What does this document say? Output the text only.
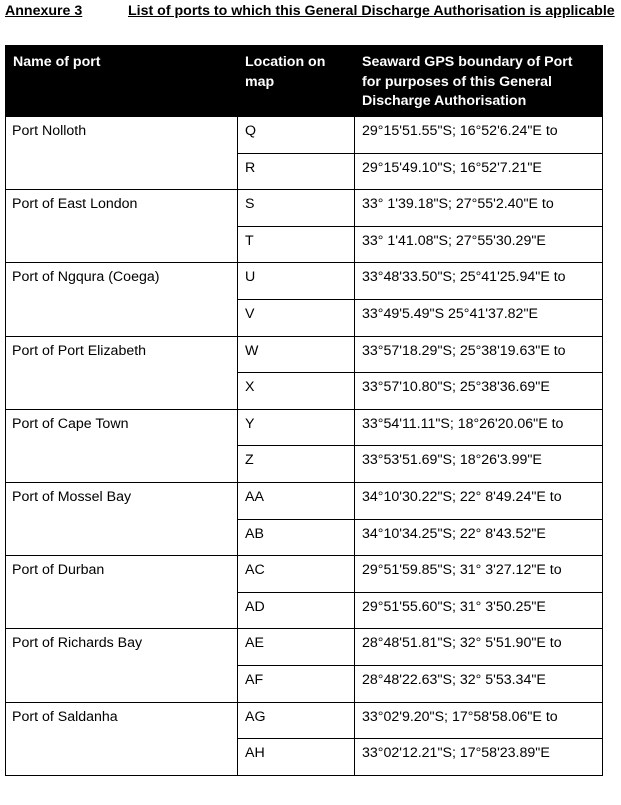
Annexure 3	List of ports to which this General Discharge Authorisation is applicable
Name of port	Location on map	Seaward GPS boundary of Port for purposes of this General Discharge Authorisation
Port Nolloth	Q	29°15'51.55"S; 16°52'6.24"E to
	R	29°15'49.10"S; 16°52'7.21"E
Port of East London	S	33° 1'39.18"S; 27°55'2.40"E to
	T	33° 1'41.08"S; 27°55'30.29"E
Port of Ngqura (Coega)	U	33°48'33.50"S; 25°41'25.94"E to
	V	33°49'5.49"S 25°41'37.82"E
Port of Port Elizabeth	W	33°57'18.29"S; 25°38'19.63"E to
	X	33°57'10.80"S; 25°38'36.69"E
Port of Cape Town	Y	33°54'11.11"S; 18°26'20.06"E to
	Z	33°53'51.69"S; 18°26'3.99"E
Port of Mossel Bay	AA	34°10'30.22"S; 22° 8'49.24"E to
	AB	34°10'34.25"S; 22° 8'43.52"E
Port of Durban	AC	29°51'59.85"S; 31° 3'27.12"E to
	AD	29°51'55.60"S; 31° 3'50.25"E
Port of Richards Bay	AE	28°48'51.81"S; 32° 5'51.90"E to
	AF	28°48'22.63"S; 32° 5'53.34"E
Port of Saldanha	AG	33°02'9.20"S; 17°58'58.06"E to
	AH	33°02'12.21"S; 17°58'23.89"E
